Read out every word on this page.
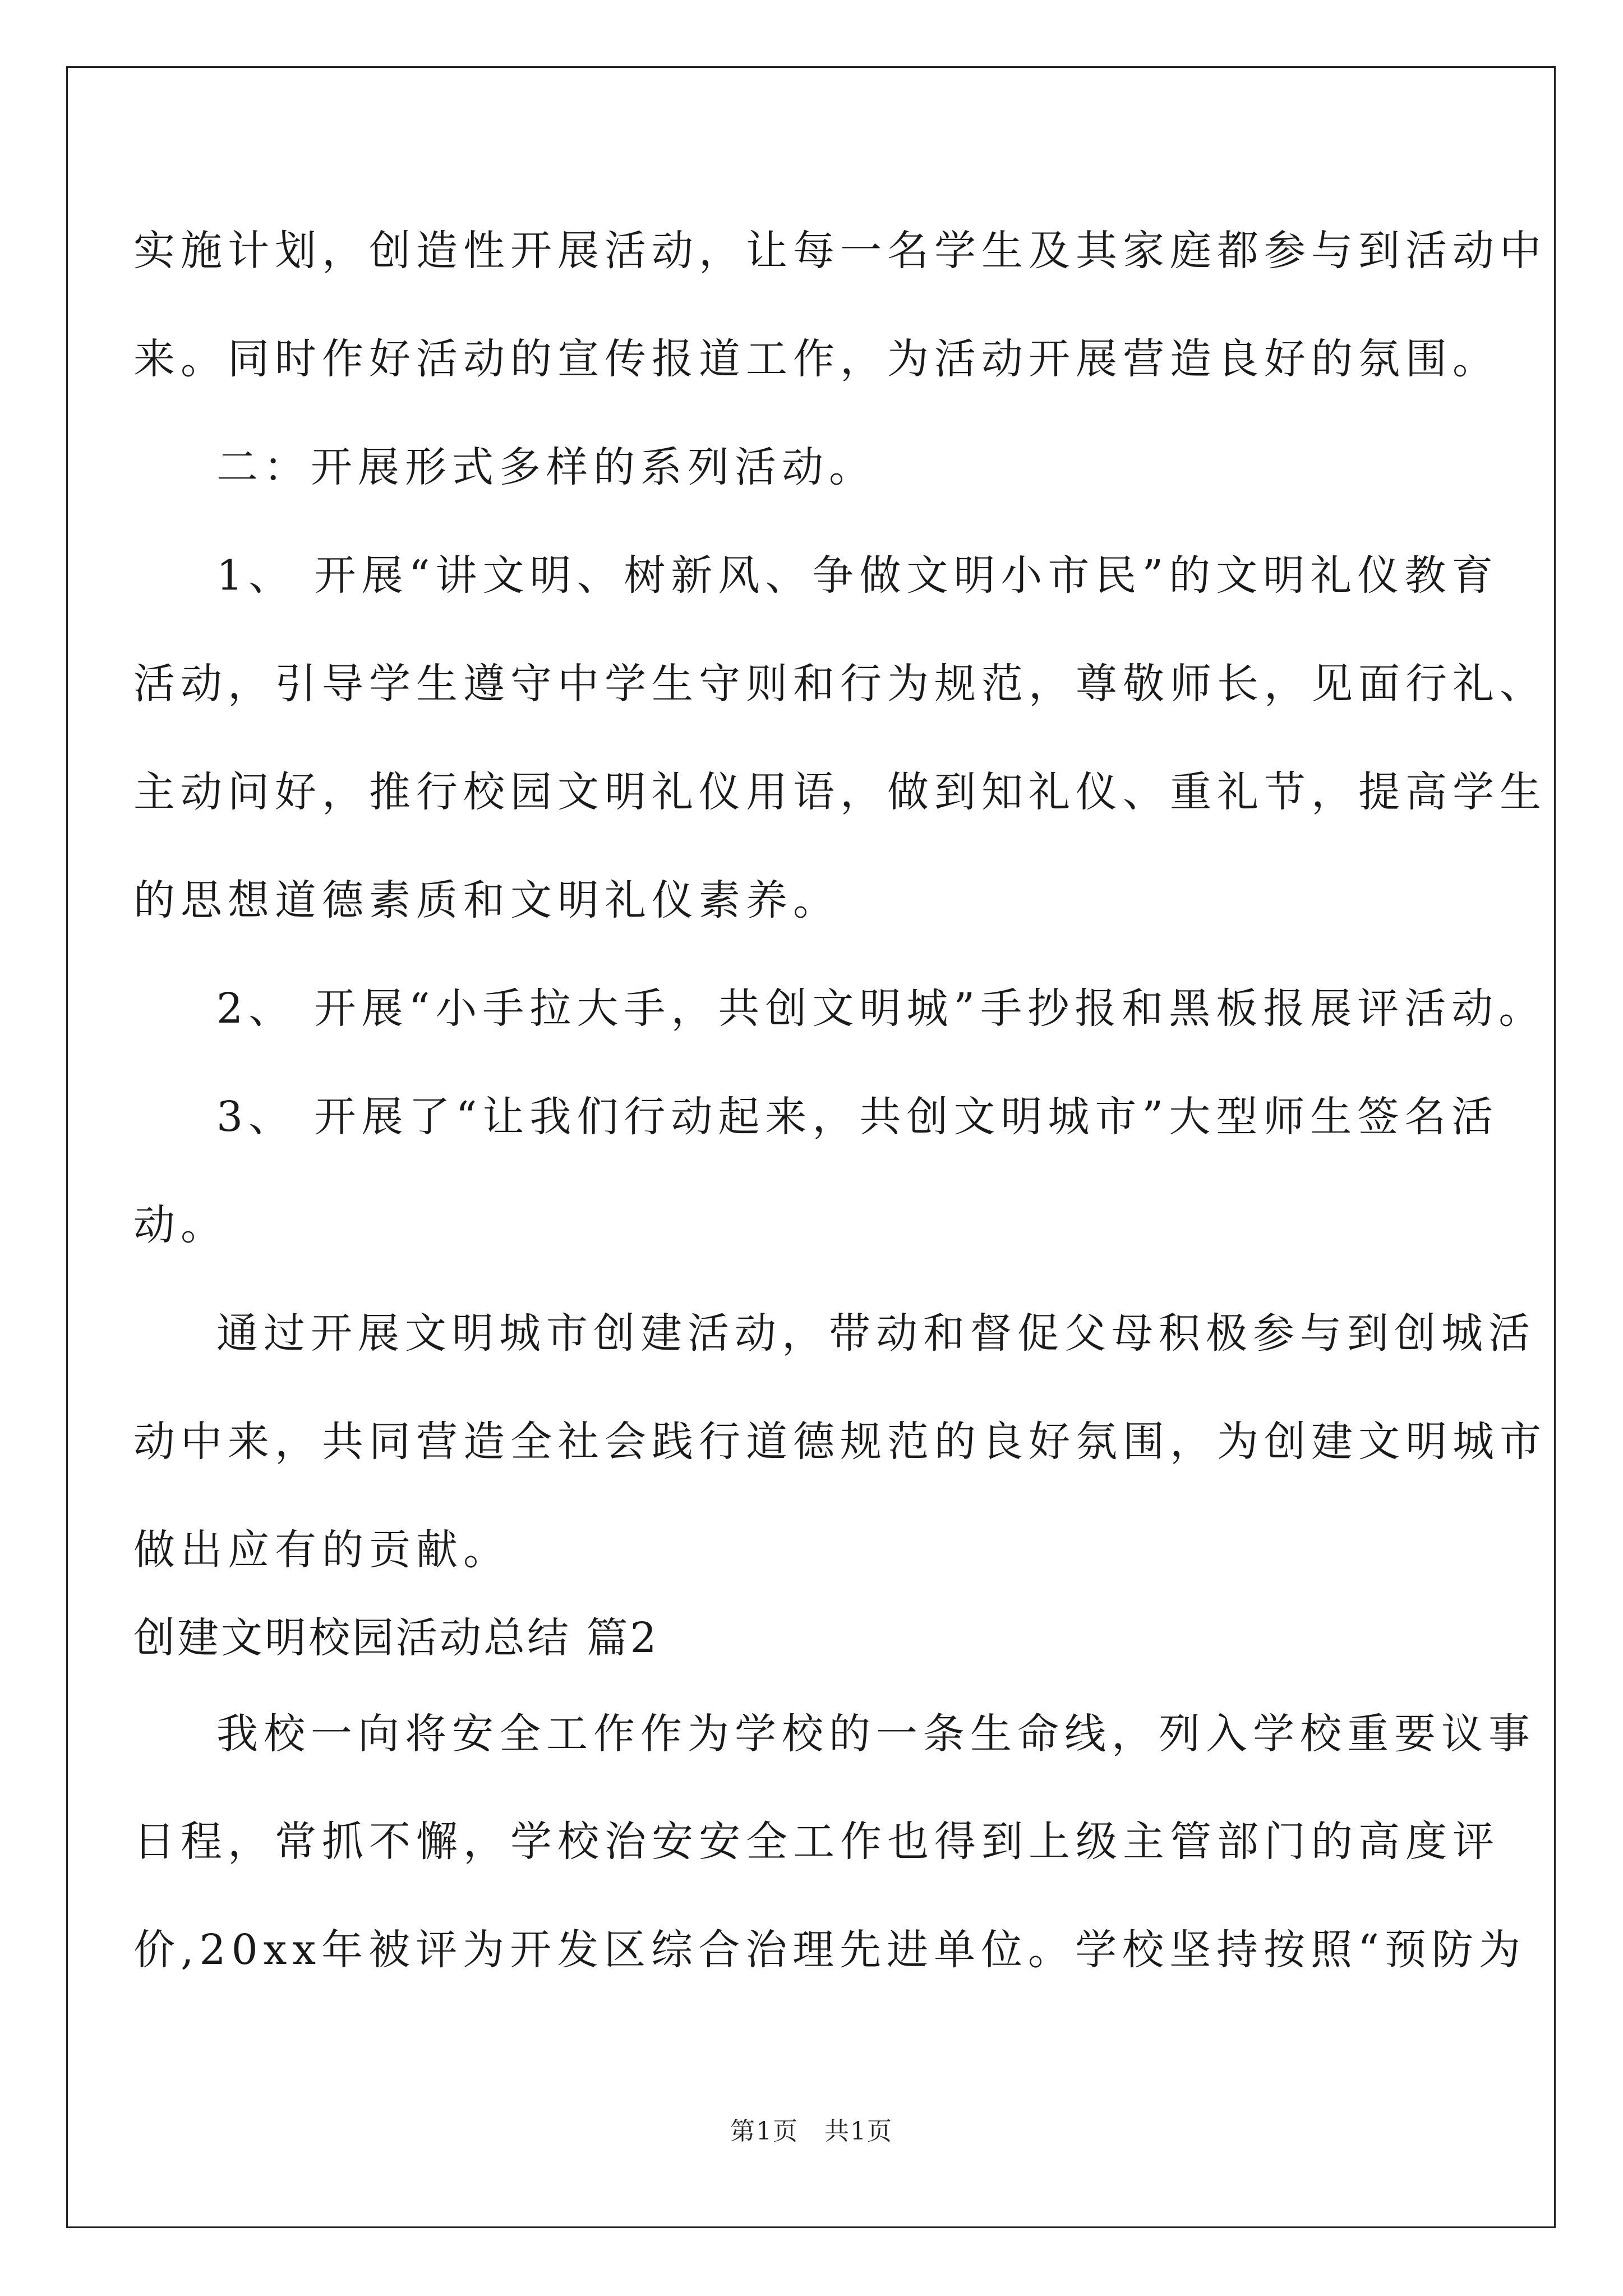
实施计划，创造性开展活动，让每一名学生及其家庭都参与到活动中
来。同时作好活动的宣传报道工作，为活动开展营造良好的氛围。
二：开展形式多样的系列活动。
1、 开展“讲文明、树新风、争做文明小市民”的文明礼仪教育
活动，引导学生遵守中学生守则和行为规范，尊敬师长，见面行礼、
主动问好，推行校园文明礼仪用语，做到知礼仪、重礼节，提高学生
的思想道德素质和文明礼仪素养。
2、 开展“小手拉大手，共创文明城”手抄报和黑板报展评活动。
3、 开展了“让我们行动起来，共创文明城市”大型师生签名活
动。
通过开展文明城市创建活动，带动和督促父母积极参与到创城活
动中来，共同营造全社会践行道德规范的良好氛围，为创建文明城市
做出应有的贡献。
创建文明校园活动总结 篇2
我校一向将安全工作作为学校的一条生命线，列入学校重要议事
日程，常抓不懈，学校治安安全工作也得到上级主管部门的高度评
价,20xx年被评为开发区综合治理先进单位。学校坚持按照“预防为
第1页　共1页
